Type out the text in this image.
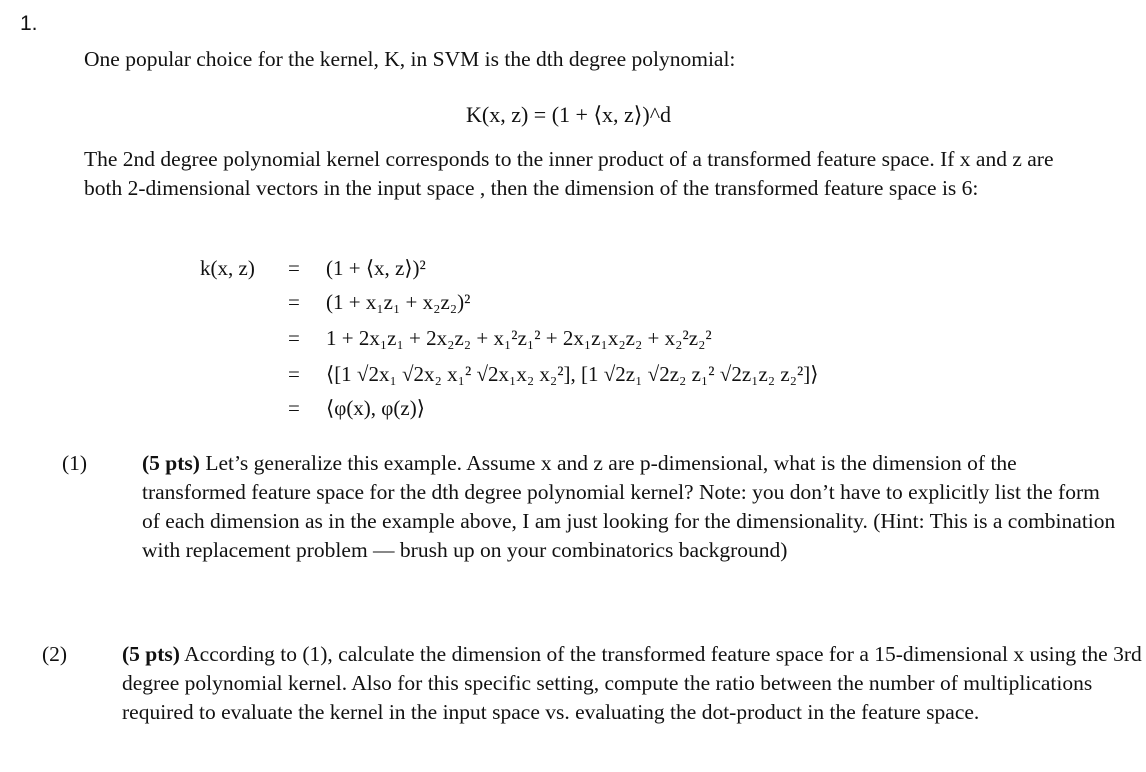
1.
One popular choice for the kernel, K, in SVM is the dth degree polynomial:
K(x, z) = (1 + ⟨x, z⟩)^d
The 2nd degree polynomial kernel corresponds to the inner product of a transformed feature space. If x and z are both 2-dimensional vectors in the input space , then the dimension of the transformed feature space is 6:
k(x, z) = (1 + ⟨x, z⟩)²
= (1 + x₁z₁ + x₂z₂)²
= 1 + 2x₁z₁ + 2x₂z₂ + x₁²z₁² + 2x₁z₁x₂z₂ + x₂²z₂²
= ⟨[1 √2x₁ √2x₂ x₁² √2x₁x₂ x₂²], [1 √2z₁ √2z₂ z₁² √2z₁z₂ z₂²]⟩
= ⟨φ(x), φ(z)⟩
(1)	(5 pts) Let’s generalize this example. Assume x and z are p-dimensional, what is the dimension of the transformed feature space for the dth degree polynomial kernel? Note: you don’t have to explicitly list the form of each dimension as in the example above, I am just looking for the dimensionality. (Hint: This is a combination with replacement problem — brush up on your combinatorics background)
(2)	(5 pts) According to (1), calculate the dimension of the transformed feature space for a 15-dimensional x using the 3rd degree polynomial kernel. Also for this specific setting, compute the ratio between the number of multiplications required to evaluate the kernel in the input space vs. evaluating the dot-product in the feature space.
